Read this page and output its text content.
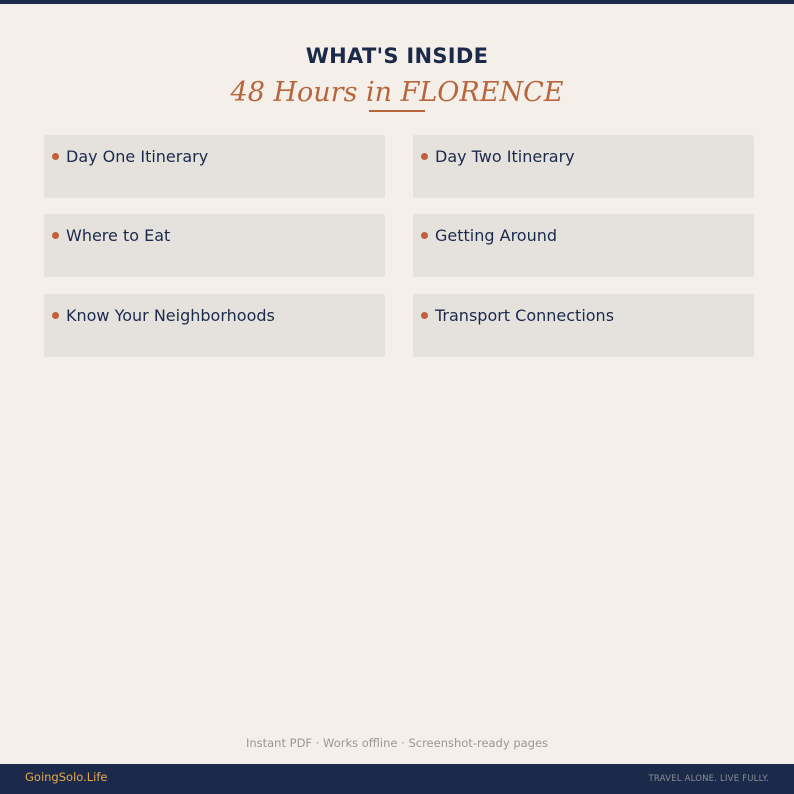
WHAT'S INSIDE
48 Hours in FLORENCE
Day One Itinerary	Day Two Itinerary
Where to Eat	Getting Around
Know Your Neighborhoods	Transport Connections
Instant PDF · Works offline · Screenshot-ready pages
GoingSolo.Life	TRAVEL ALONE. LIVE FULLY.
